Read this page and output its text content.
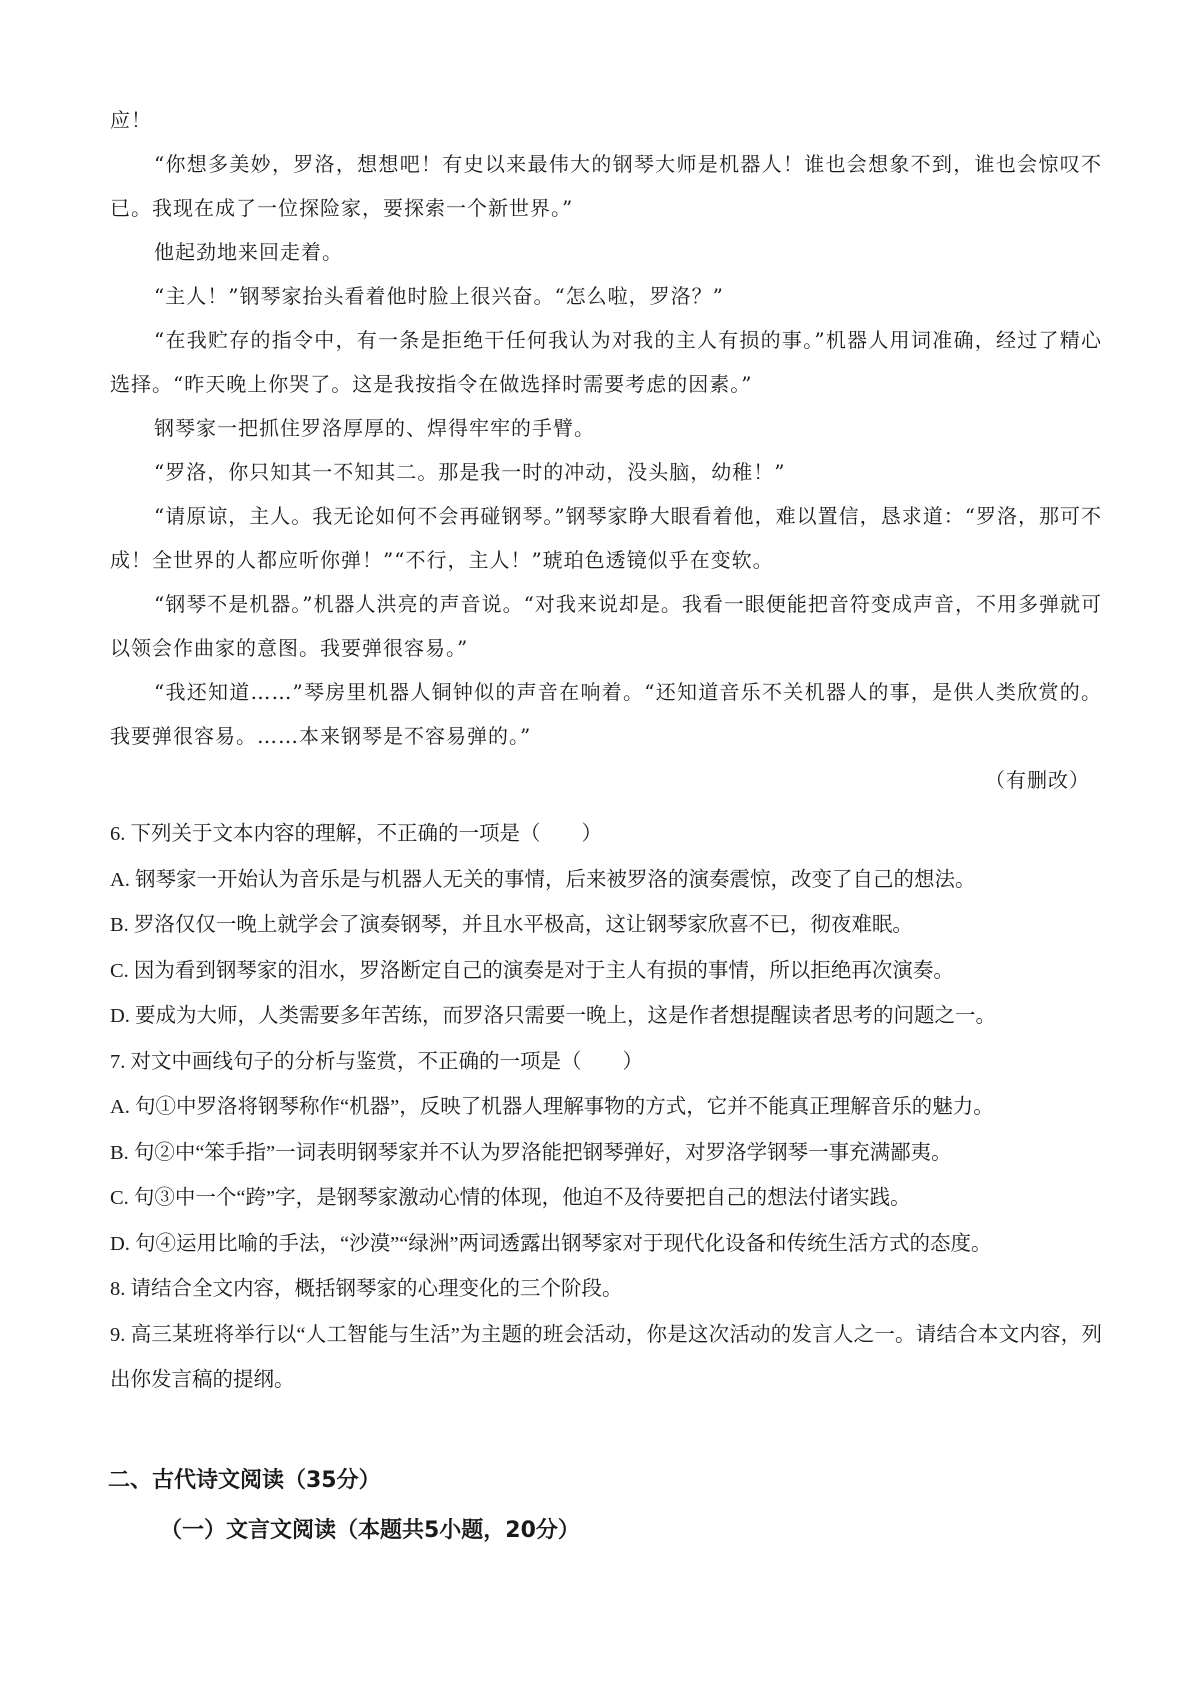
应！

“你想多美妙，罗洛，想想吧！有史以来最伟大的钢琴大师是机器人！谁也会想象不到，谁也会惊叹不已。我现在成了一位探险家，要探索一个新世界。”

他起劲地来回走着。

“主人！”钢琴家抬头看着他时脸上很兴奋。“怎么啦，罗洛？”

“在我贮存的指令中，有一条是拒绝干任何我认为对我的主人有损的事。”机器人用词准确，经过了精心选择。“昨天晚上你哭了。这是我按指令在做选择时需要考虑的因素。”

钢琴家一把抓住罗洛厚厚的、焊得牢牢的手臂。

“罗洛，你只知其一不知其二。那是我一时的冲动，没头脑，幼稚！”

“请原谅，主人。我无论如何不会再碰钢琴。”钢琴家睁大眼看着他，难以置信，恳求道：“罗洛，那可不成！全世界的人都应听你弹！”“不行，主人！”琥珀色透镜似乎在变软。

“钢琴不是机器。”机器人洪亮的声音说。“对我来说却是。我看一眼便能把音符变成声音，不用多弹就可以领会作曲家的意图。我要弹很容易。”

“我还知道……”琴房里机器人铜钟似的声音在响着。“还知道音乐不关机器人的事，是供人类欣赏的。我要弹很容易。……本来钢琴是不容易弹的。”

（有删改）

6. 下列关于文本内容的理解，不正确的一项是（　　）

A. 钢琴家一开始认为音乐是与机器人无关的事情，后来被罗洛的演奏震惊，改变了自己的想法。

B. 罗洛仅仅一晚上就学会了演奏钢琴，并且水平极高，这让钢琴家欣喜不已，彻夜难眠。

C. 因为看到钢琴家的泪水，罗洛断定自己的演奏是对于主人有损的事情，所以拒绝再次演奏。

D. 要成为大师，人类需要多年苦练，而罗洛只需要一晚上，这是作者想提醒读者思考的问题之一。

7. 对文中画线句子的分析与鉴赏，不正确的一项是（　　）

A. 句①中罗洛将钢琴称作“机器”，反映了机器人理解事物的方式，它并不能真正理解音乐的魅力。

B. 句②中“笨手指”一词表明钢琴家并不认为罗洛能把钢琴弹好，对罗洛学钢琴一事充满鄙夷。

C. 句③中一个“跨”字，是钢琴家激动心情的体现，他迫不及待要把自己的想法付诸实践。

D. 句④运用比喻的手法，“沙漠”“绿洲”两词透露出钢琴家对于现代化设备和传统生活方式的态度。

8. 请结合全文内容，概括钢琴家的心理变化的三个阶段。

9. 高三某班将举行以“人工智能与生活”为主题的班会活动，你是这次活动的发言人之一。请结合本文内容，列出你发言稿的提纲。

二、古代诗文阅读（35分）
（一）文言文阅读（本题共5小题，20分）
